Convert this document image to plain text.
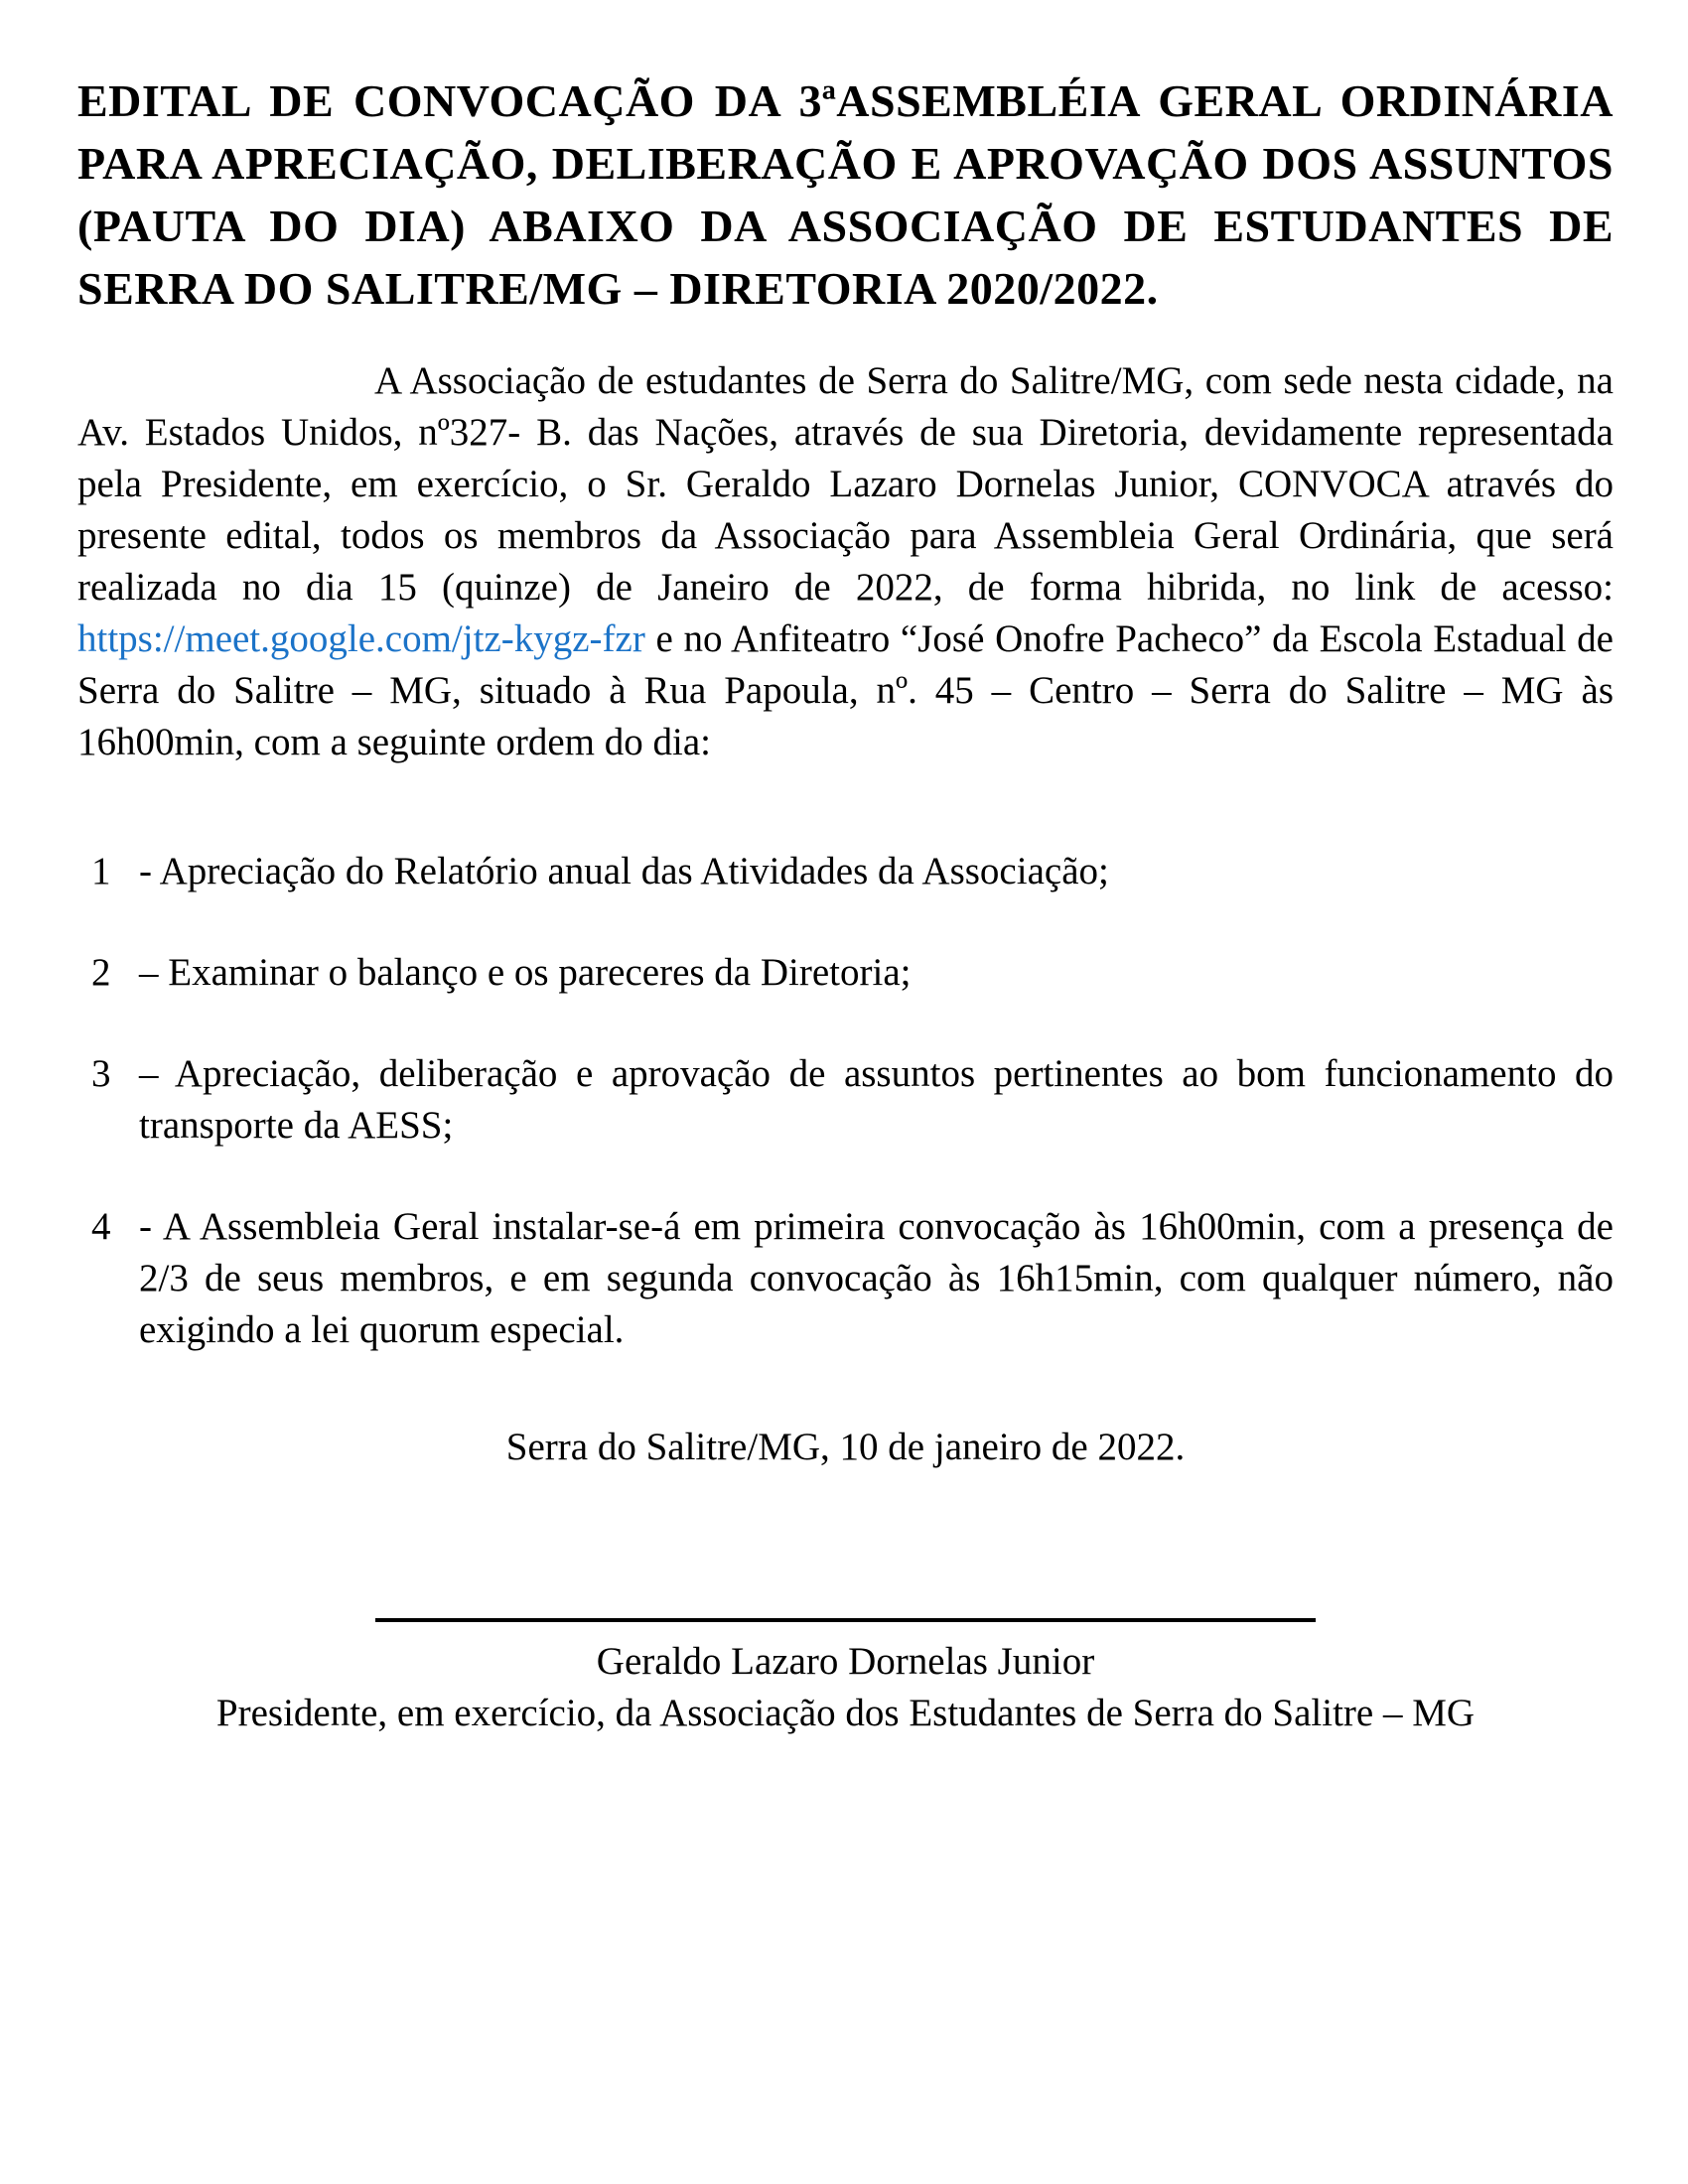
EDITAL DE CONVOCAÇÃO DA 3ªASSEMBLÉIA GERAL ORDINÁRIA PARA APRECIAÇÃO, DELIBERAÇÃO E APROVAÇÃO DOS ASSUNTOS (PAUTA DO DIA) ABAIXO DA ASSOCIAÇÃO DE ESTUDANTES DE SERRA DO SALITRE/MG – DIRETORIA 2020/2022.

A Associação de estudantes de Serra do Salitre/MG, com sede nesta cidade, na Av. Estados Unidos, nº327- B. das Nações, através de sua Diretoria, devidamente representada pela Presidente, em exercício, o Sr. Geraldo Lazaro Dornelas Junior, CONVOCA através do presente edital, todos os membros da Associação para Assembleia Geral Ordinária, que será realizada no dia 15 (quinze) de Janeiro de 2022, de forma hibrida, no link de acesso: https://meet.google.com/jtz-kygz-fzr e no Anfiteatro “José Onofre Pacheco” da Escola Estadual de Serra do Salitre – MG, situado à Rua Papoula, nº. 45 – Centro – Serra do Salitre – MG às 16h00min, com a seguinte ordem do dia:

1 - Apreciação do Relatório anual das Atividades da Associação;

2 – Examinar o balanço e os pareceres da Diretoria;

3 – Apreciação, deliberação e aprovação de assuntos pertinentes ao bom funcionamento do transporte da AESS;

4 - A Assembleia Geral instalar-se-á em primeira convocação às 16h00min, com a presença de 2/3 de seus membros, e em segunda convocação às 16h15min, com qualquer número, não exigindo a lei quorum especial.

Serra do Salitre/MG, 10 de janeiro de 2022.

Geraldo Lazaro Dornelas Junior

Presidente, em exercício, da Associação dos Estudantes de Serra do Salitre – MG
